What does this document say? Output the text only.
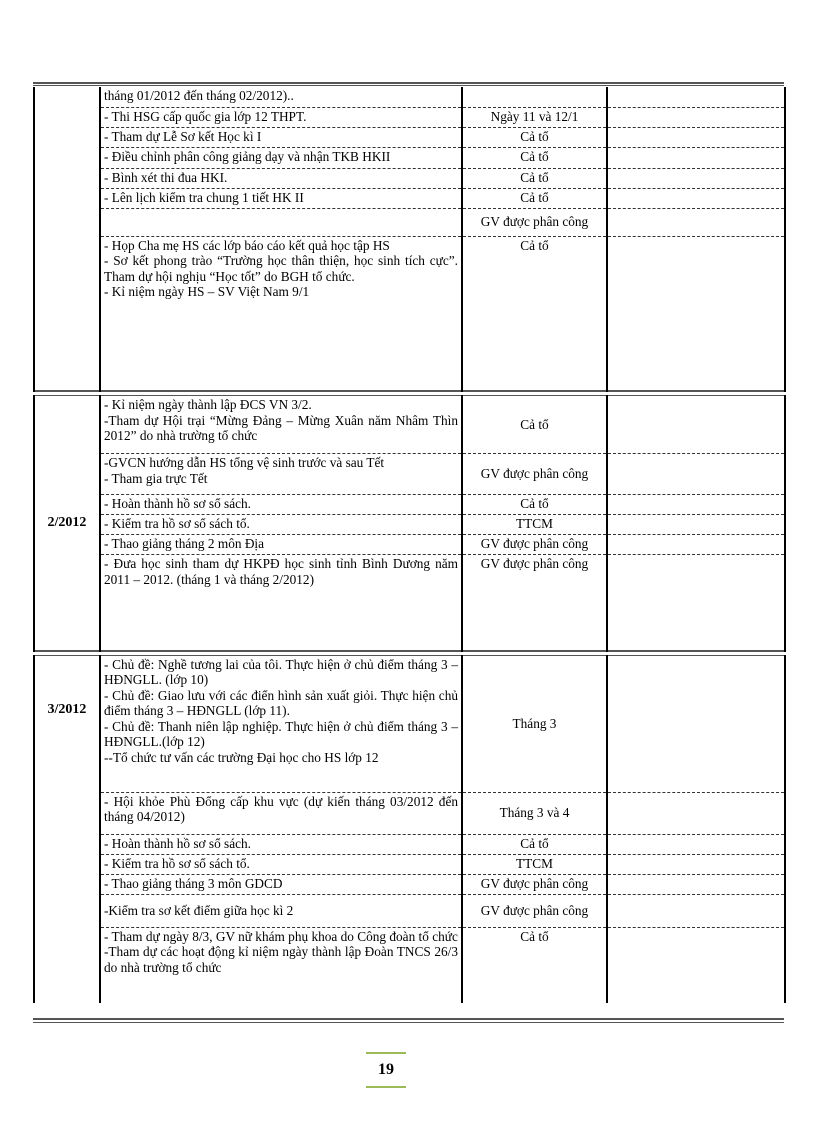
	tháng 01/2012 đến tháng 02/2012)..		
	- Thi HSG cấp quốc gia lớp 12 THPT.	Ngày 11 và 12/1	
	- Tham dự Lễ Sơ kết Học kì I	Cả tổ	
	- Điều chỉnh phân công giảng dạy và nhận TKB HKII	Cả tổ	
	- Bình xét thi đua HKI.	Cả tổ	
	- Lên lịch kiểm tra chung 1 tiết HK II	Cả tổ	
		GV được phân công	
	- Họp Cha mẹ HS các lớp báo cáo kết quả học tập HS
- Sơ kết phong trào “Trường học thân thiện, học sinh tích cực”. Tham dự hội nghịu “Học tốt” do BGH tổ chức.
- Kỉ niệm ngày HS – SV Việt Nam 9/1	Cả tổ	

2/2012	- Kỉ niệm ngày thành lập ĐCS VN 3/2.
-Tham dự Hội trại “Mừng Đảng – Mừng Xuân năm Nhâm Thìn 2012” do nhà trường tổ chức	Cả tổ	
	-GVCN hướng dẫn HS tổng vệ sinh trước và sau Tết
- Tham gia trực Tết	GV được phân công	
	- Hoàn thành hồ sơ sổ sách.	Cả tổ	
	- Kiểm tra hồ sơ sổ sách tổ.	TTCM	
	- Thao giảng tháng 2 môn Địa	GV được phân công	
	- Đưa học sinh tham dự HKPĐ học sinh tỉnh Bình Dương năm 2011 – 2012. (tháng 1 và tháng 2/2012)	GV được phân công	

3/2012	- Chủ đề: Nghề tương lai của tôi. Thực hiện ở chủ điểm tháng 3 – HĐNGLL. (lớp 10)
- Chủ đề: Giao lưu với các điển hình sản xuất giỏi. Thực hiện chủ điểm tháng 3 – HĐNGLL (lớp 11).
- Chủ đề: Thanh niên lập nghiệp. Thực hiện ở chủ điểm tháng 3 – HĐNGLL.(lớp 12)
--Tổ chức tư vấn các trường Đại học cho HS lớp 12	Tháng 3	
	- Hội khỏe Phù Đổng cấp khu vực (dự kiến tháng 03/2012 đến tháng 04/2012)	Tháng 3 và 4	
	- Hoàn thành hồ sơ sổ sách.	Cả tổ	
	- Kiểm tra hồ sơ sổ sách tổ.	TTCM	
	- Thao giảng tháng 3 môn GDCD	GV được phân công	
	-Kiểm tra sơ kết điểm giữa học kì 2	GV được phân công	
	- Tham dự ngày 8/3, GV nữ khám phụ khoa do Công đoàn tổ chức
-Tham dự các hoạt động kỉ niệm ngày thành lập Đoàn TNCS 26/3 do nhà trường tổ chức	Cả tổ	
19
